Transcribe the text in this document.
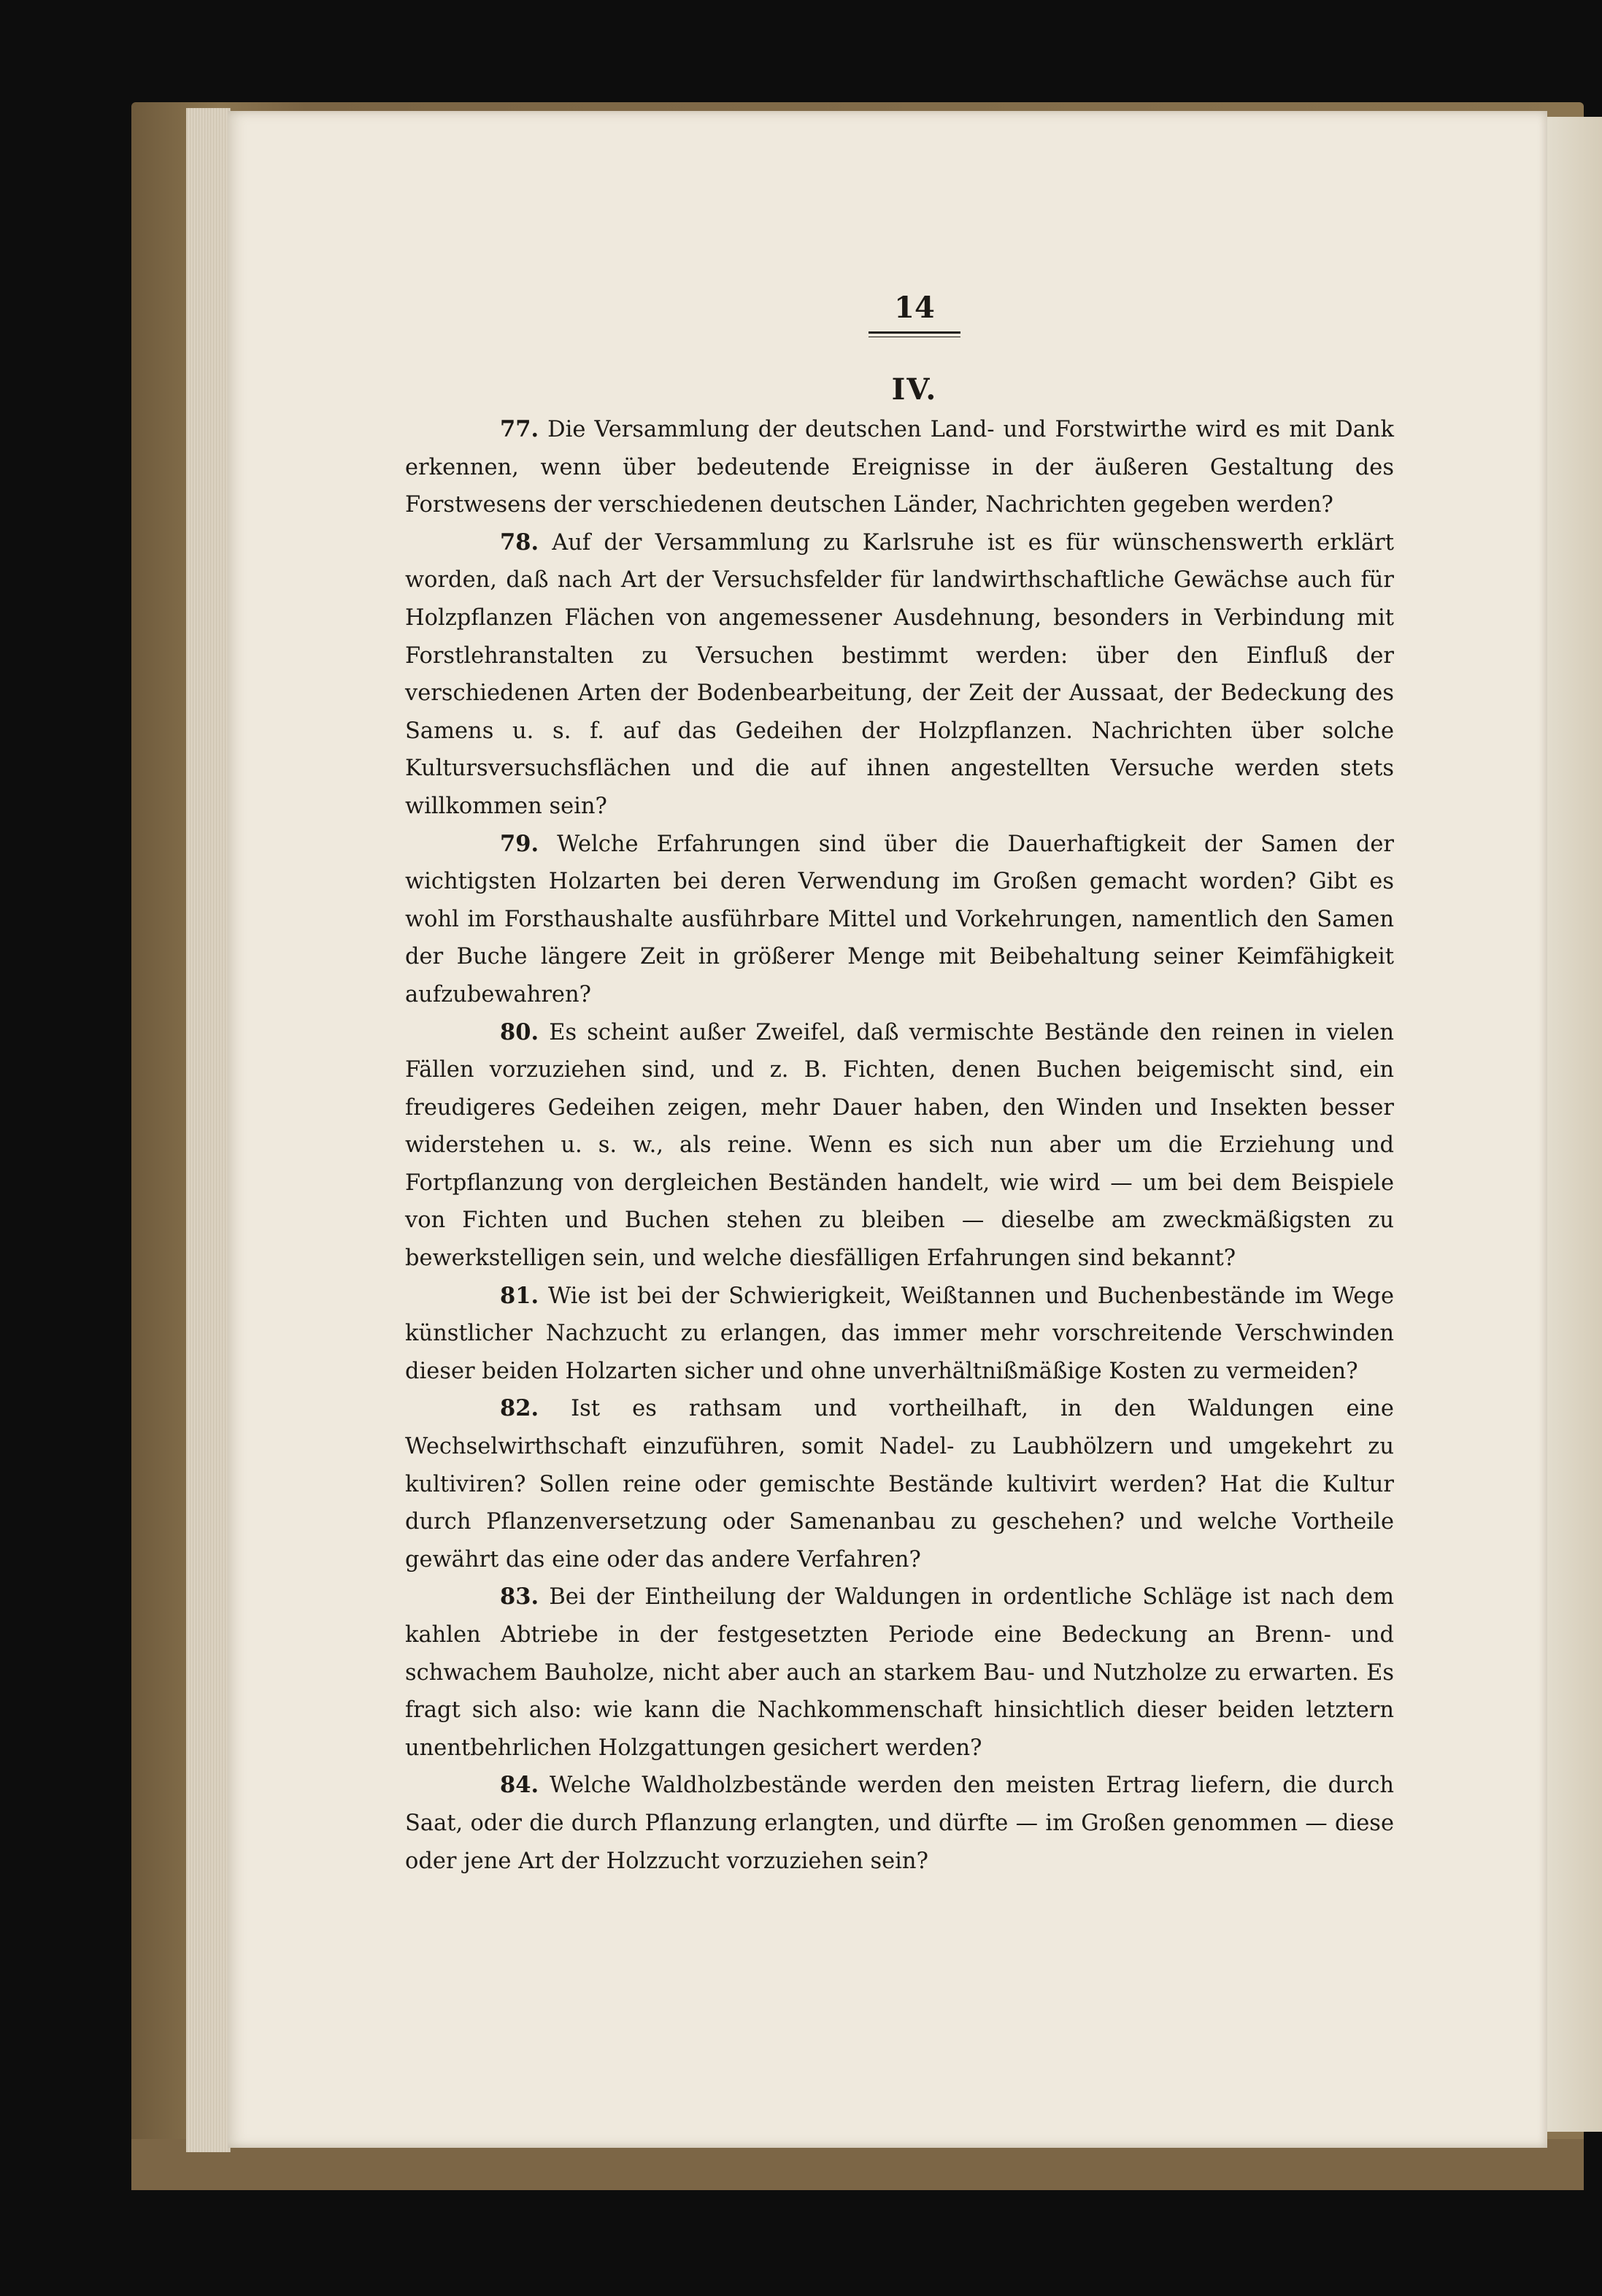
14
IV.

77. Die Versammlung der deutschen Land- und Forstwirthe wird es mit Dank erkennen, wenn über bedeutende Ereignisse in der äußeren Gestaltung des Forstwesens der verschiedenen deutschen Länder, Nachrichten gegeben werden?

78. Auf der Versammlung zu Karlsruhe ist es für wünschenswerth erklärt worden, daß nach Art der Versuchsfelder für landwirthschaftliche Gewächse auch für Holzpflanzen Flächen von angemessener Ausdehnung, besonders in Verbindung mit Forstlehranstalten zu Versuchen bestimmt werden: über den Einfluß der verschiedenen Arten der Bodenbearbeitung, der Zeit der Aussaat, der Bedeckung des Samens u. s. f. auf das Gedeihen der Holzpflanzen. Nachrichten über solche Kultursversuchsflächen und die auf ihnen angestellten Versuche werden stets willkommen sein?

79. Welche Erfahrungen sind über die Dauerhaftigkeit der Samen der wichtigsten Holzarten bei deren Verwendung im Großen gemacht worden? Gibt es wohl im Forsthaushalte ausführbare Mittel und Vorkehrungen, namentlich den Samen der Buche längere Zeit in größerer Menge mit Beibehaltung seiner Keimfähigkeit aufzubewahren?

80. Es scheint außer Zweifel, daß vermischte Bestände den reinen in vielen Fällen vorzuziehen sind, und z. B. Fichten, denen Buchen beigemischt sind, ein freudigeres Gedeihen zeigen, mehr Dauer haben, den Winden und Insekten besser widerstehen u. s. w., als reine. Wenn es sich nun aber um die Erziehung und Fortpflanzung von dergleichen Beständen handelt, wie wird — um bei dem Beispiele von Fichten und Buchen stehen zu bleiben — dieselbe am zweckmäßigsten zu bewerkstelligen sein, und welche diesfälligen Erfahrungen sind bekannt?

81. Wie ist bei der Schwierigkeit, Weißtannen und Buchenbestände im Wege künstlicher Nachzucht zu erlangen, das immer mehr vorschreitende Verschwinden dieser beiden Holzarten sicher und ohne unverhältnißmäßige Kosten zu vermeiden?

82. Ist es rathsam und vortheilhaft, in den Waldungen eine Wechselwirthschaft einzuführen, somit Nadel- zu Laubhölzern und umgekehrt zu kultiviren? Sollen reine oder gemischte Bestände kultivirt werden? Hat die Kultur durch Pflanzenversetzung oder Samenanbau zu geschehen? und welche Vortheile gewährt das eine oder das andere Verfahren?

83. Bei der Eintheilung der Waldungen in ordentliche Schläge ist nach dem kahlen Abtriebe in der festgesetzten Periode eine Bedeckung an Brenn- und schwachem Bauholze, nicht aber auch an starkem Bau- und Nutzholze zu erwarten. Es fragt sich also: wie kann die Nachkommenschaft hinsichtlich dieser beiden letztern unentbehrlichen Holzgattungen gesichert werden?

84. Welche Waldholzbestände werden den meisten Ertrag liefern, die durch Saat, oder die durch Pflanzung erlangten, und dürfte — im Großen genommen — diese oder jene Art der Holzzucht vorzuziehen sein?
